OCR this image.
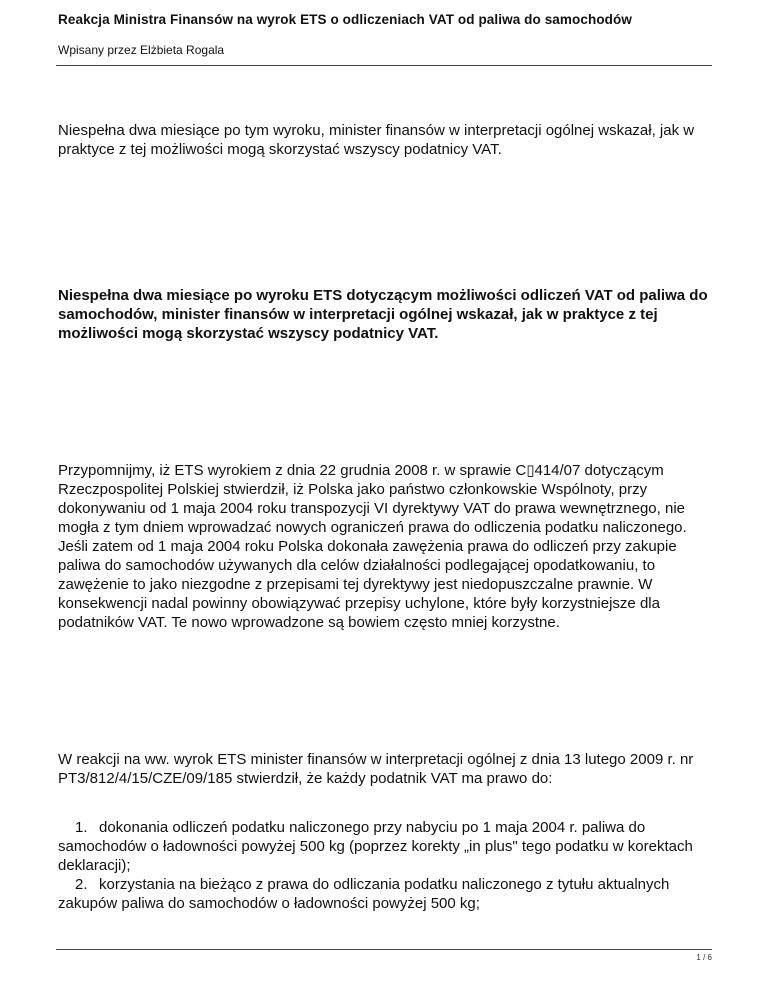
Reakcja Ministra Finansów na wyrok ETS o odliczeniach VAT od paliwa do samochodów
Wpisany przez Elżbieta Rogala

Niespełna dwa miesiące po tym wyroku, minister finansów w interpretacji ogólnej wskazał, jak w praktyce z tej możliwości mogą skorzystać wszyscy podatnicy VAT.

Niespełna dwa miesiące po wyroku ETS dotyczącym możliwości odliczeń VAT od paliwa do samochodów, minister finansów w interpretacji ogólnej wskazał, jak w praktyce z tej możliwości mogą skorzystać wszyscy podatnicy VAT.

Przypomnijmy, iż ETS wyrokiem z dnia 22 grudnia 2008 r. w sprawie C▯414/07 dotyczącym Rzeczpospolitej Polskiej stwierdził, iż Polska jako państwo członkowskie Wspólnoty, przy dokonywaniu od 1 maja 2004 roku transpozycji VI dyrektywy VAT do prawa wewnętrznego, nie mogła z tym dniem wprowadzać nowych ograniczeń prawa do odliczenia podatku naliczonego. Jeśli zatem od 1 maja 2004 roku Polska dokonała zawężenia prawa do odliczeń przy zakupie paliwa do samochodów używanych dla celów działalności podlegającej opodatkowaniu, to zawężenie to jako niezgodne z przepisami tej dyrektywy jest niedopuszczalne prawnie. W konsekwencji nadal powinny obowiązywać przepisy uchylone, które były korzystniejsze dla podatników VAT. Te nowo wprowadzone są bowiem często mniej korzystne.

W reakcji na ww. wyrok ETS minister finansów w interpretacji ogólnej z dnia 13 lutego 2009 r. nr PT3/812/4/15/CZE/09/185 stwierdził, że każdy podatnik VAT ma prawo do:

1. dokonania odliczeń podatku naliczonego przy nabyciu po 1 maja 2004 r. paliwa do samochodów o ładowności powyżej 500 kg (poprzez korekty „in plus" tego podatku w korektach deklaracji);

2. korzystania na bieżąco z prawa do odliczania podatku naliczonego z tytułu aktualnych zakupów paliwa do samochodów o ładowności powyżej 500 kg;

1 / 6
